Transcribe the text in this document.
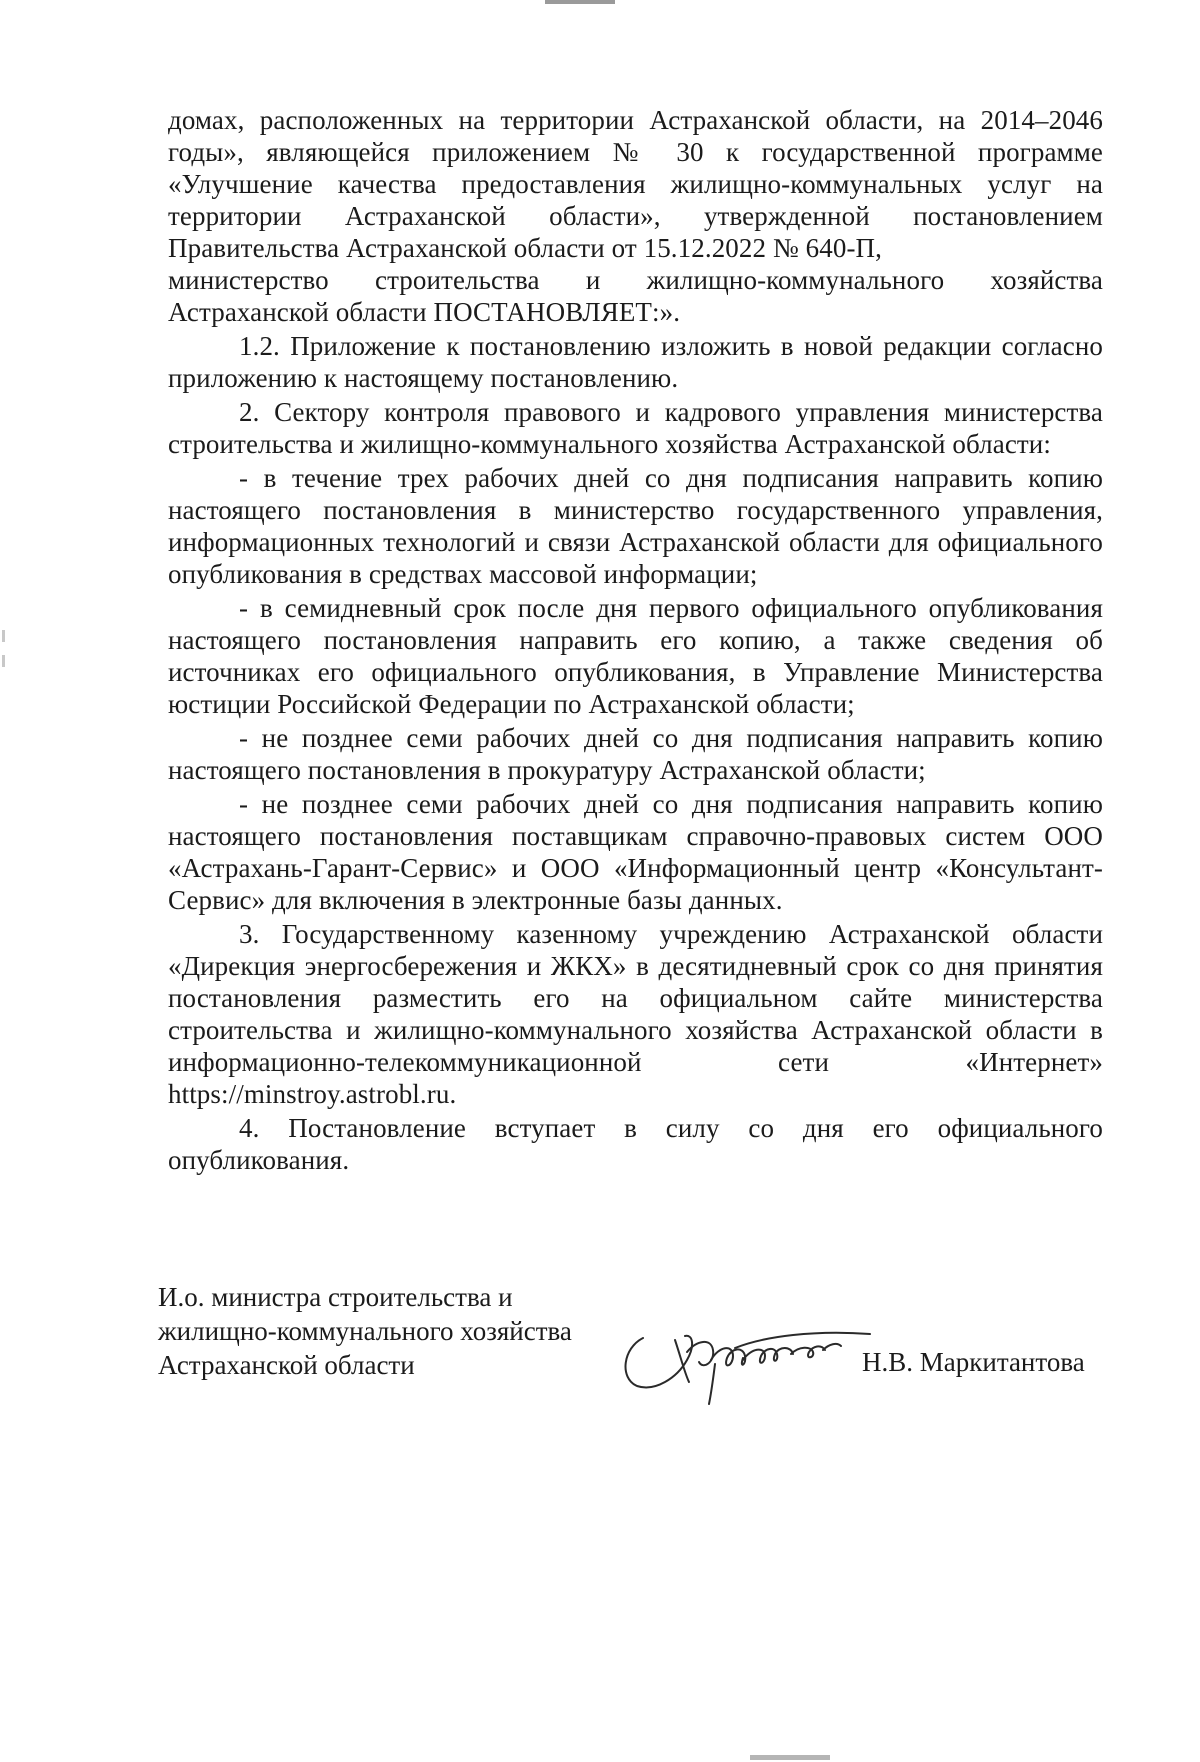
домах, расположенных на территории Астраханской области, на 2014–2046 годы», являющейся приложением № 30 к государственной программе «Улучшение качества предоставления жилищно-коммунальных услуг на территории Астраханской области», утвержденной постановлением Правительства Астраханской области от 15.12.2022 № 640-П,

министерство строительства и жилищно-коммунального хозяйства Астраханской области ПОСТАНОВЛЯЕТ:».

1.2. Приложение к постановлению изложить в новой редакции согласно приложению к настоящему постановлению.

2. Сектору контроля правового и кадрового управления министерства строительства и жилищно-коммунального хозяйства Астраханской области:

- в течение трех рабочих дней со дня подписания направить копию настоящего постановления в министерство государственного управления, информационных технологий и связи Астраханской области для официального опубликования в средствах массовой информации;

- в семидневный срок после дня первого официального опубликования настоящего постановления направить его копию, а также сведения об источниках его официального опубликования, в Управление Министерства юстиции Российской Федерации по Астраханской области;

- не позднее семи рабочих дней со дня подписания направить копию настоящего постановления в прокуратуру Астраханской области;

- не позднее семи рабочих дней со дня подписания направить копию настоящего постановления поставщикам справочно-правовых систем ООО «Астрахань-Гарант-Сервис» и ООО «Информационный центр «Консультант-Сервис» для включения в электронные базы данных.

3. Государственному казенному учреждению Астраханской области «Дирекция энергосбережения и ЖКХ» в десятидневный срок со дня принятия постановления разместить его на официальном сайте министерства строительства и жилищно-коммунального хозяйства Астраханской области в информационно-телекоммуникационной сети «Интернет» https://minstroy.astrobl.ru.

4. Постановление вступает в силу со дня его официального опубликования.

И.о. министра строительства и
жилищно-коммунального хозяйства
Астраханской области	Н.В. Маркитантова
